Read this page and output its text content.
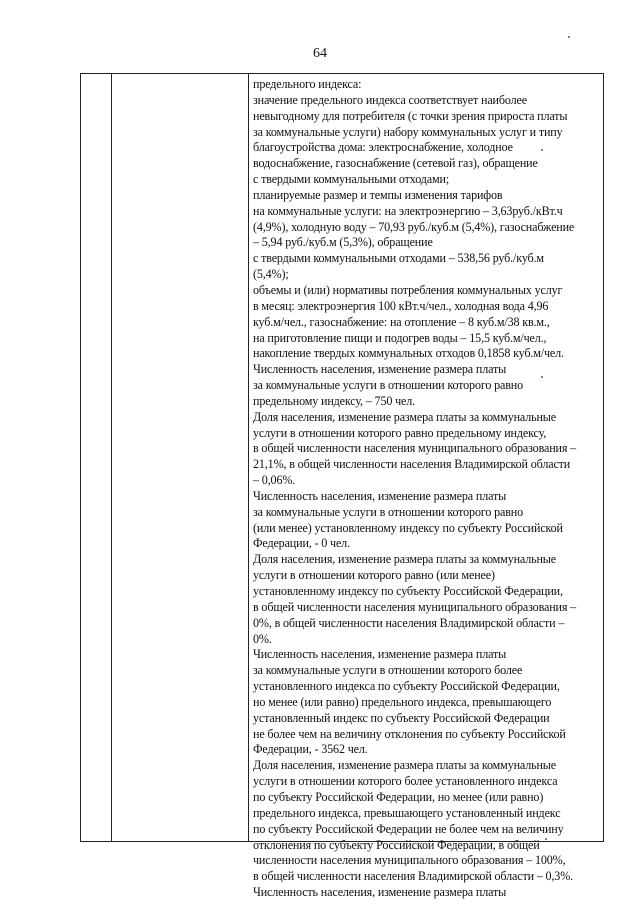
64
предельного индекса:
значение предельного индекса соответствует наиболее
невыгодному для потребителя (с точки зрения прироста платы
за коммунальные услуги) набору коммунальных услуг и типу
благоустройства дома: электроснабжение, холодное
водоснабжение, газоснабжение (сетевой газ), обращение
с твердыми коммунальными отходами;
планируемые размер и темпы изменения тарифов
на коммунальные услуги: на электроэнергию – 3,63руб./кВт.ч
(4,9%), холодную воду – 70,93 руб./куб.м (5,4%), газоснабжение
– 5,94 руб./куб.м (5,3%), обращение
с твердыми коммунальными отходами – 538,56 руб./куб.м
(5,4%);
объемы и (или) нормативы потребления коммунальных услуг
в месяц: электроэнергия 100 кВт.ч/чел., холодная вода 4,96
куб.м/чел., газоснабжение: на отопление – 8 куб.м/38 кв.м.,
на приготовление пищи и подогрев воды – 15,5 куб.м/чел.,
накопление твердых коммунальных отходов 0,1858 куб.м/чел.
Численность населения, изменение размера платы
за коммунальные услуги в отношении которого равно
предельному индексу, – 750 чел.
Доля населения, изменение размера платы за коммунальные
услуги в отношении которого равно предельному индексу,
в общей численности населения муниципального образования –
21,1%, в общей численности населения Владимирской области
– 0,06%.
Численность населения, изменение размера платы
за коммунальные услуги в отношении которого равно
(или менее) установленному индексу по субъекту Российской
Федерации, - 0 чел.
Доля населения, изменение размера платы за коммунальные
услуги в отношении которого равно (или менее)
установленному индексу по субъекту Российской Федерации,
в общей численности населения муниципального образования –
0%, в общей численности населения Владимирской области –
0%.
Численность населения, изменение размера платы
за коммунальные услуги в отношении которого более
установленного индекса по субъекту Российской Федерации,
но менее (или равно) предельного индекса, превышающего
установленный индекс по субъекту Российской Федерации
не более чем на величину отклонения по субъекту Российской
Федерации, - 3562 чел.
Доля населения, изменение размера платы за коммунальные
услуги в отношении которого более установленного индекса
по субъекту Российской Федерации, но менее (или равно)
предельного индекса, превышающего установленный индекс
по субъекту Российской Федерации не более чем на величину
отклонения по субъекту Российской Федерации, в общей
численности населения муниципального образования – 100%,
в общей численности населения Владимирской области – 0,3%.
Численность населения, изменение размера платы
